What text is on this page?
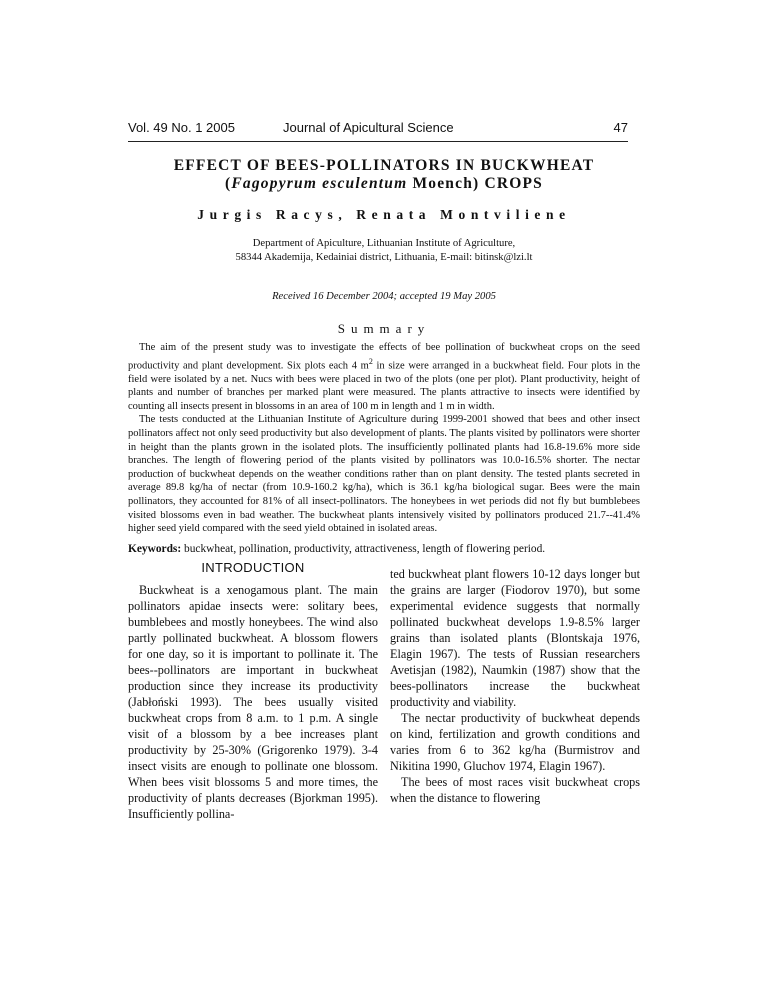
Vol. 49 No. 1 2005	Journal of Apicultural Science	47
EFFECT OF BEES-POLLINATORS IN BUCKWHEAT
(Fagopyrum esculentum Moench) CROPS
Jurgis Racys, Renata Montviliene
Department of Apiculture, Lithuanian Institute of Agriculture,
58344 Akademija, Kedainiai district, Lithuania, E-mail: bitinsk@lzi.lt
Received 16 December 2004; accepted 19 May 2005
Summary

The aim of the present study was to investigate the effects of bee pollination of buckwheat crops on the seed productivity and plant development. Six plots each 4 $m^2$ in size were arranged in a buckwheat field. Four plots in the field were isolated by a net. Nucs with bees were placed in two of the plots (one per plot). Plant productivity, height of plants and number of branches per marked plant were measured. The plants attractive to insects were identified by counting all insects present in blossoms in an area of 100 m in length and 1 m in width.

The tests conducted at the Lithuanian Institute of Agriculture during 1999-2001 showed that bees and other insect pollinators affect not only seed productivity but also development of plants. The plants visited by pollinators were shorter in height than the plants grown in the isolated plots. The insufficiently pollinated plants had 16.8-19.6% more side branches. The length of flowering period of the plants visited by pollinators was 10.0-16.5% shorter. The nectar production of buckwheat depends on the weather conditions rather than on plant density. The tested plants secreted in average 89.8 kg/ha of nectar (from 10.9-160.2 kg/ha), which is 36.1 kg/ha biological sugar. Bees were the main pollinators, they accounted for 81% of all insect-pollinators. The honeybees in wet periods did not fly but bumblebees visited blossoms even in bad weather. The buckwheat plants intensively visited by pollinators produced 21.7--41.4% higher seed yield compared with the seed yield obtained in isolated areas.

Keywords: buckwheat, pollination, productivity, attractiveness, length of flowering period.
INTRODUCTION

Buckwheat is a xenogamous plant. The main pollinators apidae insects were: solitary bees, bumblebees and mostly honeybees. The wind also partly pollinated buckwheat. A blossom flowers for one day, so it is important to pollinate it. The bees--pollinators are important in buckwheat production since they increase its productivity (Jabłoński 1993). The bees usually visited buckwheat crops from 8 a.m. to 1 p.m. A single visit of a blossom by a bee increases plant productivity by 25-30% (Grigorenko 1979). 3-4 insect visits are enough to pollinate one blossom. When bees visit blossoms 5 and more times, the productivity of plants decreases (Bjorkman 1995). Insufficiently pollina-

ted buckwheat plant flowers 10-12 days longer but the grains are larger (Fiodorov 1970), but some experimental evidence suggests that normally pollinated buckwheat develops 1.9-8.5% larger grains than isolated plants (Blontskaja 1976, Elagin 1967). The tests of Russian researchers Avetisjan (1982), Naumkin (1987) show that the bees-pollinators increase the buckwheat productivity and viability.

The nectar productivity of buckwheat depends on kind, fertilization and growth conditions and varies from 6 to 362 kg/ha (Burmistrov and Nikitina 1990, Gluchov 1974, Elagin 1967).

The bees of most races visit buckwheat crops when the distance to flowering
